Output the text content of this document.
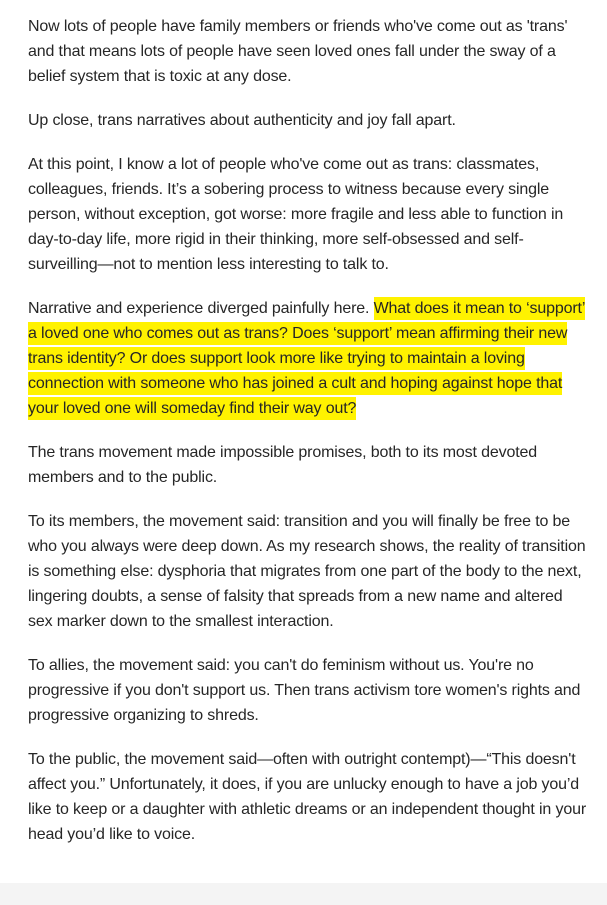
Now lots of people have family members or friends who've come out as 'trans' and that means lots of people have seen loved ones fall under the sway of a belief system that is toxic at any dose.

Up close, trans narratives about authenticity and joy fall apart.

At this point, I know a lot of people who've come out as trans: classmates, colleagues, friends. It’s a sobering process to witness because every single person, without exception, got worse: more fragile and less able to function in day-to-day life, more rigid in their thinking, more self-obsessed and self-surveilling—not to mention less interesting to talk to.

Narrative and experience diverged painfully here. What does it mean to ‘support’ a loved one who comes out as trans? Does ‘support’ mean affirming their new trans identity? Or does support look more like trying to maintain a loving connection with someone who has joined a cult and hoping against hope that your loved one will someday find their way out?

The trans movement made impossible promises, both to its most devoted members and to the public.

To its members, the movement said: transition and you will finally be free to be who you always were deep down. As my research shows, the reality of transition is something else: dysphoria that migrates from one part of the body to the next, lingering doubts, a sense of falsity that spreads from a new name and altered sex marker down to the smallest interaction.

To allies, the movement said: you can't do feminism without us. You're no progressive if you don't support us. Then trans activism tore women's rights and progressive organizing to shreds.

To the public, the movement said—often with outright contempt)—“This doesn't affect you.” Unfortunately, it does, if you are unlucky enough to have a job you’d like to keep or a daughter with athletic dreams or an independent thought in your head you’d like to voice.
